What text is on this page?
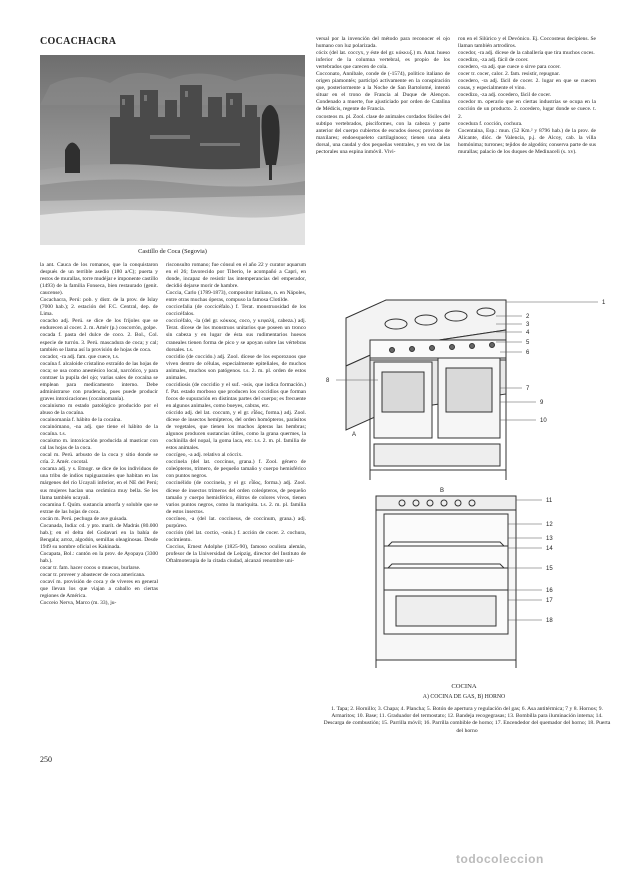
COCACHACRA
Castillo de Coca (Segovia)

la ant. Cauca de los romanos, que la conquistaron después de un terrible asedio (180 a/C); puerta y restos de murallas, torre mudéjar e imponente castillo (1493) de la familia Fonseca, bien restaurado (genit. caucense).

Cocachacra, Perú: pob. y distr. de la prov. de Islay (7000 hab.); 2. estación del F.C. Central, dep. de Lima.

cocacho adj. Perú. se dice de los frijoles que se endurecen al cocer. 2. m. Amér (p.) coscorrón, golpe.

cocada f. pasta del dulce de coco. 2. Bol., Col. especie de turrón. 3. Perú. mascadura de coca; y cal; también se llama así la provisión de hojas de coca.

cocador, -ra adj. fam. que cuece, t.s.

cocaína f. alcaloide cristalino extraído de las hojas de coca; se usa como anestésico local, narcótico, y para contraer la pupila del ojo; varias sales de cocaína se emplean para medicamento interno. Debe administrarse con prudencia, pues puede producir graves intoxicaciones (cocainomanía).

cocainismo m estado patológico producido por el abuso de la cocaína.

cocainomanía f. hábito de la cocaína.

cocainómano, -na adj. que tiene el hábito de la cocaína. t.s.

cocaísmo m. intoxicación producida al masticar con cal las hojas de la coca.

cocal m. Perú. arbusto de la coca y sitio donde se cría. 2. Amér. cocotal.

cocama adj. y s. Etnogr. se dice de los individuos de una tribu de indios tupiguaraníes que habitan en las márgenes del río Ucayali inferior, en el NE del Perú; sus mujeres hacían una cerámica muy bella. Se les llama también ucayali.

cocamina f. Quím. sustancia amorfa y soluble que se extrae de las hojas de coca.

cocán m. Perú. pechuga de ave guisada.

Cocanada, India: cd. y pto. marít. de Madrás (80.000 hab.); en el delta del Godavari en la bahía de Bengala; arroz, algodón, semillas oleaginosas. Desde 1949 su nombre oficial es Kakinada.

Cocapata, Bol.: cantón en la prov. de Ayopaya (3300 hab.).

cocar tr. fam. hacer cocos o muecos, burlarse.

cocar tr. proveer y abastecer de coca americana.

cocaví m. provisión de coca y de víveres en general que llevan los que viajan a caballo en ciertas regiones de América.

Cocceio Nerva, Marco (m. 33), ju-

risconsulto romano; fue cónsul en el año 22 y curator aquarum en el 26; favorecido por Tiberio, le acompañó a Capri, en donde, incapaz de resistir las intemperancias del emperador, decidió dejarse morir de hambre.

Coccia, Carlo (1789-1873), compositor italiano, n. en Nápoles, entre otras muchas óperas, compuso la famosa Clotilde.

coccicefalia (de coccicéfalo.) f. Terat. monstruosidad de los coccicéfalos.

coccicéfalo, -la (del gr. κόκκος, coco, y κεφαλή, cabeza.) adj. Terat. dícese de los monstruos unitarios que poseen un tronco sin cabeza y en lugar de ésta sus rudimentarios huesos craneales tienen forma de pico y se apoyan sobre las vértebras dorsales. t.s.

coccidio (de coccido.) adj. Zool. dícese de los esporozoos que viven dentro de células, especialmente epiteliales, de muchos animales, muchos son patógenos. t.s. 2. m. pl. orden de estos animales.

coccidiosis (de coccidio y el suf. -osis, que indica formación.) f. Pat. estado morboso que producen los coccidios que forman focos de supuración en distintas partes del cuerpo; es frecuente en algunos animales, como bueyes, cabras, etc.

cóccido adj. del lat. coccum, y el gr. εἶδος, forma.) adj. Zool. dícese de insectos hemípteros, del orden homópteros, parásitos de vegetales, que tienen los machos ápteras las hembras; algunos producen sustancias útiles, como la grana quermes, la cochinilla del nopal, la goma laca, etc. t.s. 2. m. pl. familia de estos animales.

coccígeo, -a adj. relativo al cóccix.

coccinela (del lat. coccinus, grana.) f. Zool. género de coleópteros, trímero, de pequeño tamaño y cuerpo hemisférico con puntos negros.

coccinélido (de coccinela, y el gr. εἶδος, forma.) adj. Zool. dícese de insectos trímeros del orden coleópteros, de pequeño tamaño y cuerpo hemisférico, élitros de colores vivos, tienen varios puntos negros, como la mariquita. t.s. 2. m. pl. familia de estos insectos.

coccíneo, -a (del lat. coccineus, de coccinum, grana.) adj. purpúreo.

cocción (del lat. coctio, -onis.) f. acción de cocer. 2. cochura, cocimiento.

Coccius, Ernest Adolphe (1825-90), famoso oculista alemán, profesor de la Universidad de Leipzig, director del Instituto de Oftalmoterapia de la citada ciudad, alcanzó renombre uni-

versal por la invención del método para reconocer el ojo humano con luz polarizada.

cócix (del lat. coccyx, y éste del gr. κόκκυξ.) m. Anat. hueso inferior de la columna vertebral, es propio de los vertebrados que carecen de cola.

Cocconato, Annibale, conde de (-1574), político italiano de origen piamontés; participó activamente en la conspiración que, posteriormente a la Noche de San Bartolomé, intentó situar en el trono de Francia al Duque de Alençon. Condenado a muerte, fue ajusticiado por orden de Catalina de Médicis, regente de Francia.

cocosteos m. pl. Zool. clase de animales cordados fósiles del subtipo vertebrados, pisciformes, con la cabeza y parte anterior del cuerpo cubiertos de escudos óseos; provistos de maxilares; endoesqueleto cartilaginoso; tienen una aleta dorsal, una caudal y dos pequeñas ventrales, y en vez de las pectorales una espina inmóvil. Vivi-

ron en el Silúrico y el Devónico. Ej. Coccosteus decipiens. Se llaman también artrodiros.

cocedor, -ra adj. dícese de la caballería que tira muchos coces.

cocedizo, -za adj. fácil de cocer.

cocedero, -ra adj. que cuece o sirve para cocer.

cocer tr. cocer, calor. 2. fam. resistir, repugnar.

cocedero, -ra adj. fácil de cocer. 2. lugar en que se cuecen cosas, y especialmente el vino.

cocedizo, -za adj. cocedero, fácil de cocer.

cocedor m. operario que en ciertas industrias se ocupa en la cocción de un producto. 2. cocedero, lugar donde se cuece. t. 2.

cocedura f. cocción, cochura.

Cocentaina, Esp.: mun. (52 Km.² y 8796 hab.) de la prov. de Alicante, dióc. de Valencia, p.j. de Alcoy, cab. la villa homónima; turrones; tejidos de algodón; conserva parte de sus murallas; palacio de los duques de Medinaceli (s. xv).

1
2
3
4
5
6
7
8
9
10
A
B
11
12
13
14
15
16
17
18
COCINA
A) COCINA DE GAS, B) HORNO
1. Tapa; 2. Hornillo; 3. Chapa; 4. Plancha; 5. Botón de apertura y regulación del gas; 6. Asa antitérmica; 7 y 8. Hornos; 9. Armaritos; 10. Base; 11. Graduador del termostato; 12. Bandeja recogegrasas; 13. Bombilla para iluminación interna; 14. Descarga de combustión; 15. Parrilla móvil; 16. Parrilla combible de horno; 17. Encendedor del quemador del horno; 18. Puerta del horno
250
todocoleccion
